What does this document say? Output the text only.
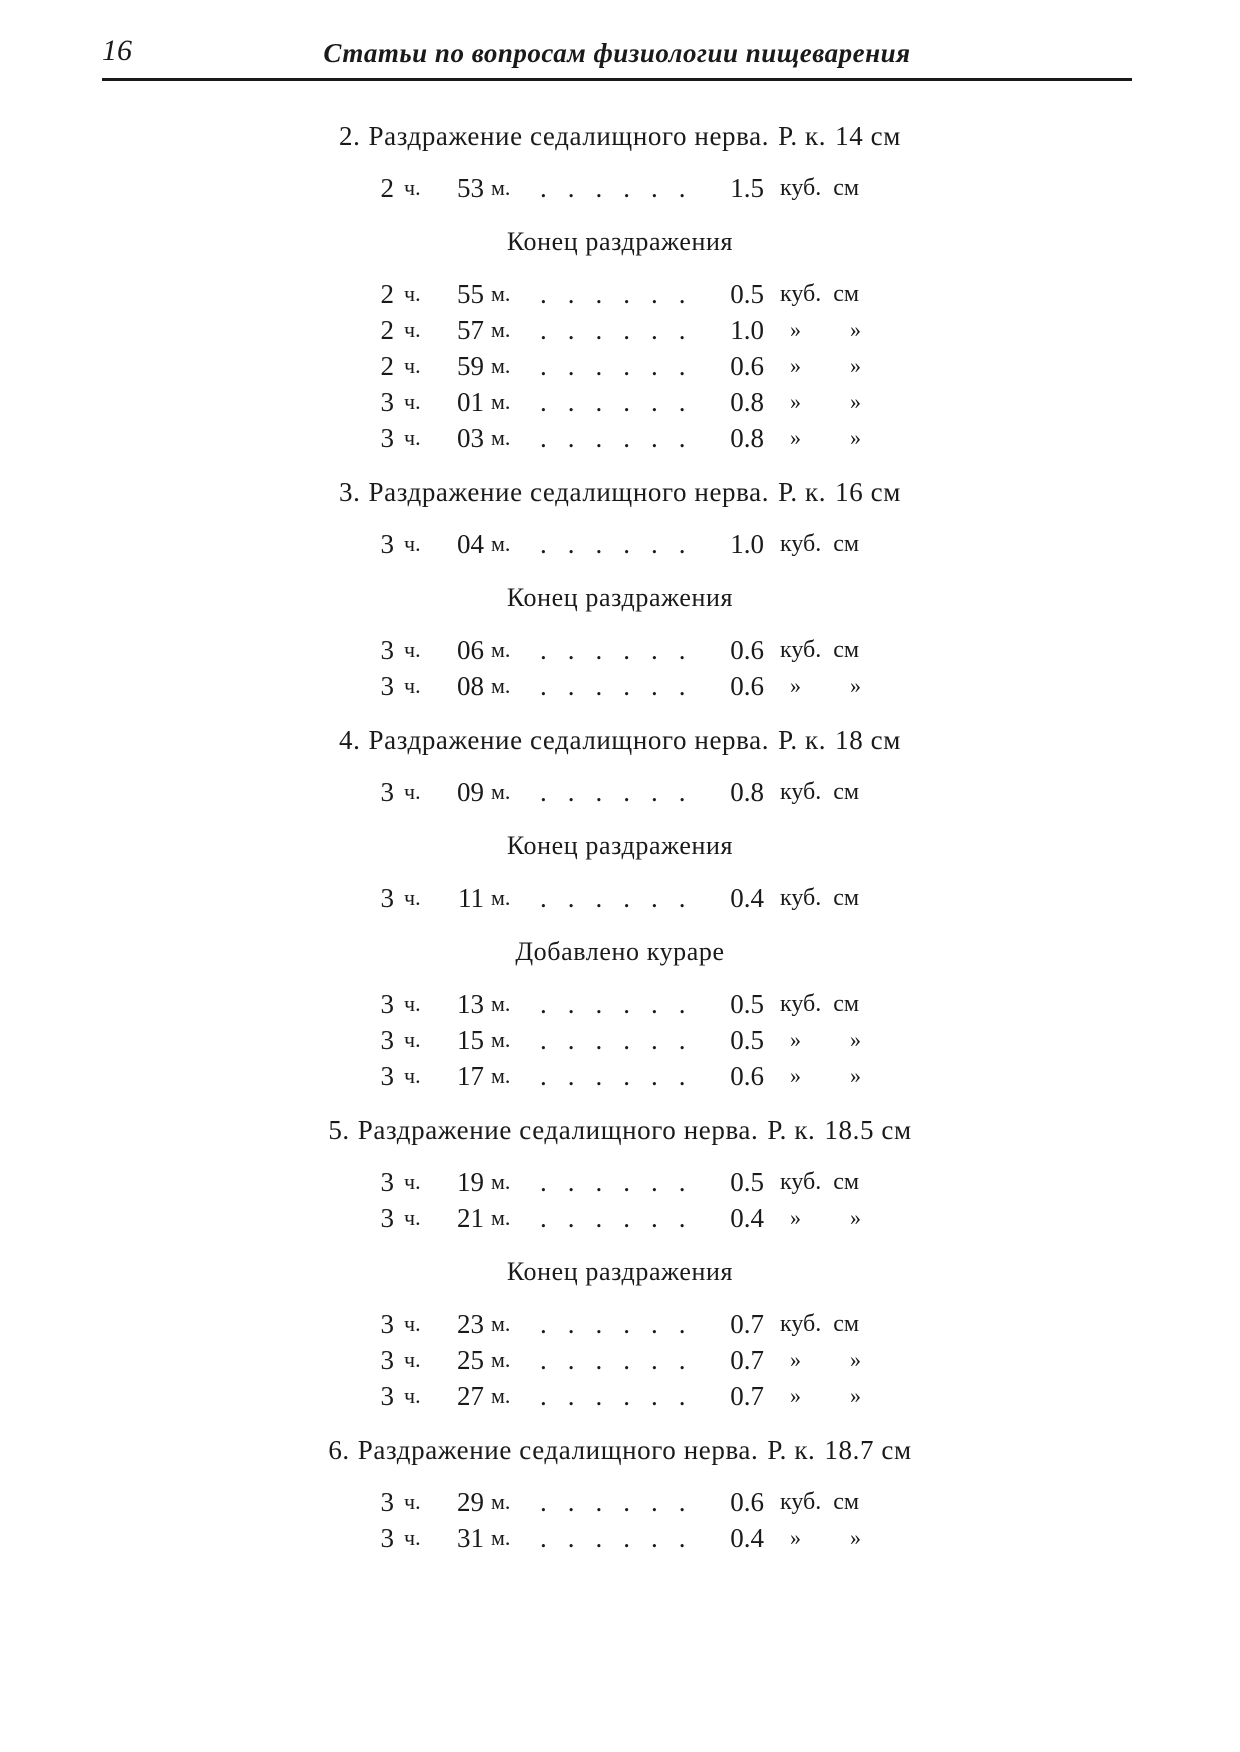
16	Статьи по вопросам физиологии пищеварения
2. Раздражение седалищного нерва. Р. к. 14 см
2 ч.	53 м. ...... 1.5 куб. см
Конец раздражения
2 ч.	55 м. ...... 0.5 куб. см
2 ч.	57 м. ...... 1.0 » »
2 ч.	59 м. ...... 0.6 » »
3 ч.	01 м. ...... 0.8 » »
3 ч.	03 м. ...... 0.8 » »
3. Раздражение седалищного нерва. Р. к. 16 см
3 ч.	04 м. ...... 1.0 куб. см
Конец раздражения
3 ч.	06 м. ...... 0.6 куб. см
3 ч.	08 м. ...... 0.6 » »
4. Раздражение седалищного нерва. Р. к. 18 см
3 ч.	09 м. ...... 0.8 куб. см
Конец раздражения
3 ч.	11 м. ...... 0.4 куб. см
Добавлено кураре
3 ч.	13 м. ...... 0.5 куб. см
3 ч.	15 м. ...... 0.5 » »
3 ч.	17 м. ...... 0.6 » »
5. Раздражение седалищного нерва. Р. к. 18.5 см
3 ч.	19 м. ...... 0.5 куб. см
3 ч.	21 м. ...... 0.4 » »
Конец раздражения
3 ч.	23 м. ...... 0.7 куб. см
3 ч.	25 м. ...... 0.7 » »
3 ч.	27 м. ...... 0.7 » »
6. Раздражение седалищного нерва. Р. к. 18.7 см
3 ч.	29 м. ...... 0.6 куб. см
3 ч.	31 м. ...... 0.4 » »
